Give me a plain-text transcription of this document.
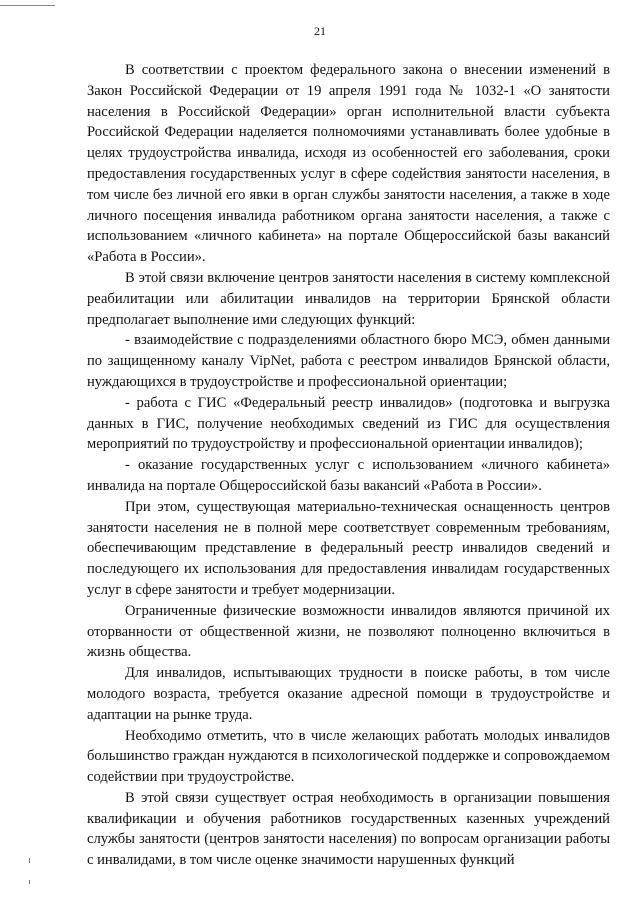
21

В соответствии с проектом федерального закона о внесении изменений в Закон Российской Федерации от 19 апреля 1991 года № 1032-1 «О занятости населения в Российской Федерации» орган исполнительной власти субъекта Российской Федерации наделяется полномочиями устанавливать более удобные в целях трудоустройства инвалида, исходя из особенностей его заболевания, сроки предоставления государственных услуг в сфере содействия занятости населения, в том числе без личной его явки в орган службы занятости населения, а также в ходе личного посещения инвалида работником органа занятости населения, а также с использованием «личного кабинета» на портале Общероссийской базы вакансий «Работа в России».

В этой связи включение центров занятости населения в систему комплексной реабилитации или абилитации инвалидов на территории Брянской области предполагает выполнение ими следующих функций:

- взаимодействие с подразделениями областного бюро МСЭ, обмен данными по защищенному каналу VipNet, работа с реестром инвалидов Брянской области, нуждающихся в трудоустройстве и профессиональной ориентации;

- работа с ГИС «Федеральный реестр инвалидов» (подготовка и выгрузка данных в ГИС, получение необходимых сведений из ГИС для осуществления мероприятий по трудоустройству и профессиональной ориентации инвалидов);

- оказание государственных услуг с использованием «личного кабинета» инвалида на портале Общероссийской базы вакансий «Работа в России».

При этом, существующая материально-техническая оснащенность центров занятости населения не в полной мере соответствует современным требованиям, обеспечивающим представление в федеральный реестр инвалидов сведений и последующего их использования для предоставления инвалидам государственных услуг в сфере занятости и требует модернизации.

Ограниченные физические возможности инвалидов являются причиной их оторванности от общественной жизни, не позволяют полноценно включиться в жизнь общества.

Для инвалидов, испытывающих трудности в поиске работы, в том числе молодого возраста, требуется оказание адресной помощи в трудоустройстве и адаптации на рынке труда.

Необходимо отметить, что в числе желающих работать молодых инвалидов большинство граждан нуждаются в психологической поддержке и сопровождаемом содействии при трудоустройстве.

В этой связи существует острая необходимость в организации повышения квалификации и обучения работников государственных казенных учреждений службы занятости (центров занятости населения) по вопросам организации работы с инвалидами, в том числе оценке значимости нарушенных функций
